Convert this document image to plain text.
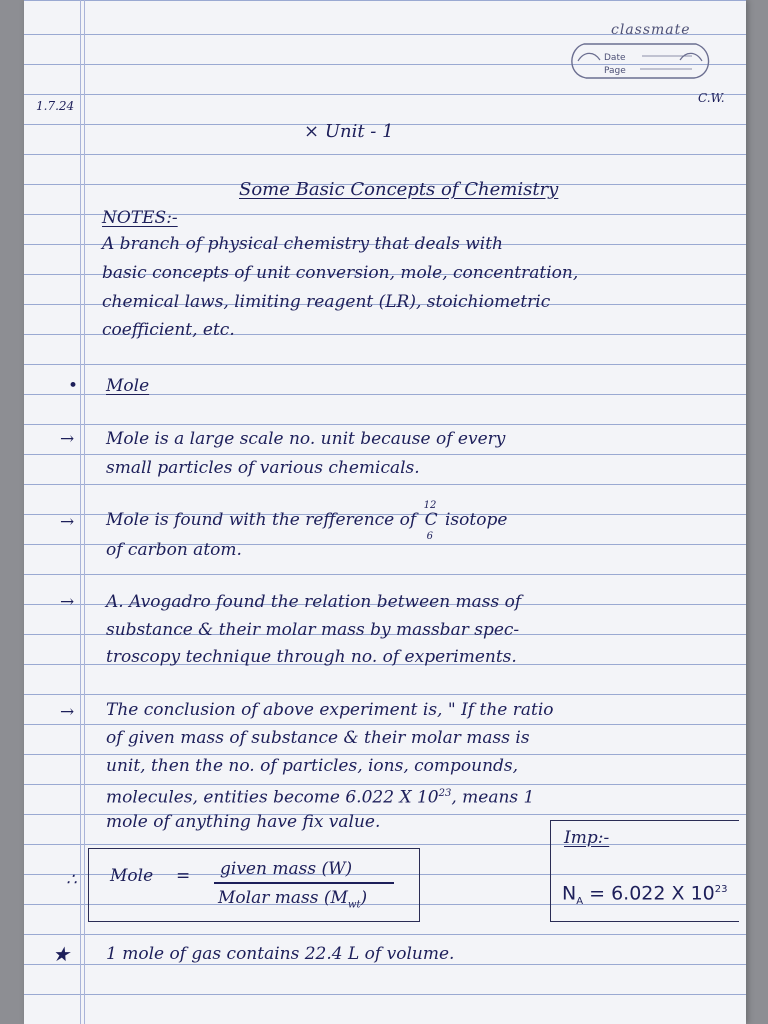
classmate
Date
Page
1.7.24
C.W.
× Unit - 1
Some Basic Concepts of Chemistry
NOTES:-
A branch of physical chemistry that deals with
basic concepts of unit conversion, mole, concentration,
chemical laws, limiting reagent (LR), stoichiometric
coefficient, etc.
• Mole
→ Mole is a large scale no. unit because of every
small particles of various chemicals.
→ Mole is found with the refference of
12
C
6
isotope
of carbon atom.
→ A. Avogadro found the relation between mass of
substance & their molar mass by massbar spec-
troscopy technique through no. of experiments.
→ The conclusion of above experiment is, " If the ratio
of given mass of substance & their molar mass is
unit, then the no. of particles, ions, compounds,
molecules, entities become 6.022 X $10^{23}$, means 1
mole of anything have fix value.
Imp:-
$N_A = 6.022$ X $10^{23}$
∴ Mole = given mass (W)
Molar mass $(M_{wt})$
★ 1 mole of gas contains 22.4 L of volume.
